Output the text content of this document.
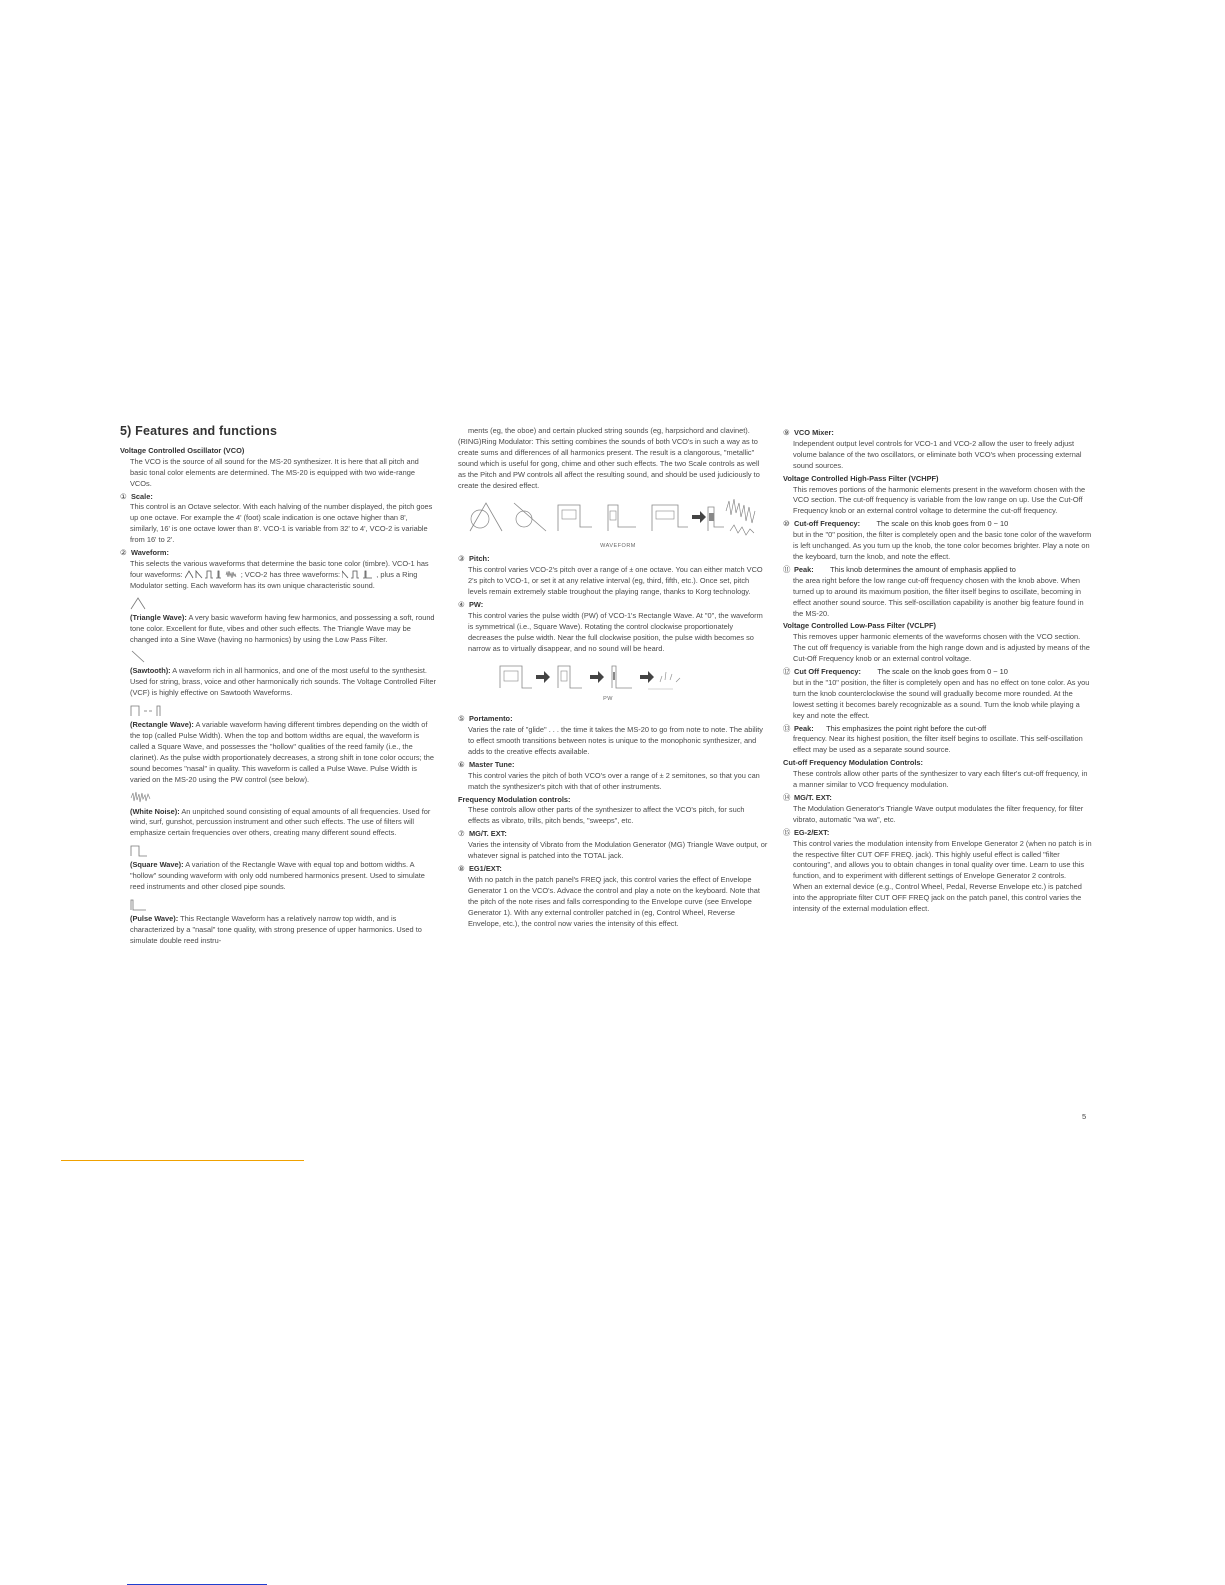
5) Features and functions
Voltage Controlled Oscillator (VCO)

The VCO is the source of all sound for the MS-20 synthesizer. It is here that all pitch and basic tonal color elements are determined. The MS-20 is equipped with two wide-range VCOs.

① Scale:

This control is an Octave selector. With each halving of the number displayed, the pitch goes up one octave. For example the 4' (foot) scale indication is one octave higher than 8', similarly, 16' is one octave lower than 8'. VCO-1 is variable from 32' to 4', VCO-2 is variable from 16' to 2'.

② Waveform:

This selects the various waveforms that determine the basic tone color (timbre). VCO-1 has four waveforms:	; VCO-2 has three waveforms:	, plus a Ring Modulator setting. Each waveform has its own unique characteristic sound.

(Triangle Wave): A very basic waveform having few harmonics, and possessing a soft, round tone color. Excellent for flute, vibes and other such effects. The Triangle Wave may be changed into a Sine Wave (having no harmonics) by using the Low Pass Filter.

(Sawtooth): A waveform rich in all harmonics, and one of the most useful to the synthesist. Used for string, brass, voice and other harmonically rich sounds. The Voltage Controlled Filter (VCF) is highly effective on Sawtooth Waveforms.

(Rectangle Wave): A variable waveform having different timbres depending on the width of the top (called Pulse Width). When the top and bottom widths are equal, the waveform is called a Square Wave, and possesses the "hollow" qualities of the reed family (i.e., the clarinet). As the pulse width proportionately decreases, a strong shift in tone color occurs; the sound becomes "nasal" in quality. This waveform is called a Pulse Wave. Pulse Width is varied on the MS-20 using the PW control (see below).

(White Noise): An unpitched sound consisting of equal amounts of all frequencies. Used for wind, surf, gunshot, percussion instrument and other such effects. The use of filters will emphasize certain frequencies over others, creating many different sound effects.

(Square Wave): A variation of the Rectangle Wave with equal top and bottom widths. A "hollow" sounding waveform with only odd numbered harmonics present. Used to simulate reed instruments and other closed pipe sounds.

(Pulse Wave): This Rectangle Waveform has a relatively narrow top width, and is characterized by a "nasal" tone quality, with strong presence of upper harmonics. Used to simulate double reed instru-

ments (eg, the oboe) and certain plucked string sounds (eg, harpsichord and clavinet).

(RING)Ring Modulator: This setting combines the sounds of both VCO's in such a way as to create sums and differences of all harmonics present. The result is a clangorous, "metallic" sound which is useful for gong, chime and other such effects. The two Scale controls as well as the Pitch and PW controls all affect the resulting sound, and should be used judiciously to create the desired effect.

WAVEFORM
③ Pitch:

This control varies VCO-2's pitch over a range of ± one octave. You can either match VCO 2's pitch to VCO-1, or set it at any relative interval (eg, third, fifth, etc.). Once set, pitch levels remain extremely stable troughout the playing range, thanks to Korg technology.

④ PW:

This control varies the pulse width (PW) of VCO-1's Rectangle Wave. At "0", the waveform is symmetrical (i.e., Square Wave). Rotating the control clockwise proportionately decreases the pulse width. Near the full clockwise position, the pulse width becomes so narrow as to virtually disappear, and no sound will be heard.

PW
⑤ Portamento:

Varies the rate of "glide" . . . the time it takes the MS-20 to go from note to note. The ability to effect smooth transitions between notes is unique to the monophonic synthesizer, and adds to the creative effects available.

⑥ Master Tune:

This control varies the pitch of both VCO's over a range of ± 2 semitones, so that you can match the synthesizer's pitch with that of other instruments.

Frequency Modulation controls:

These controls allow other parts of the synthesizer to affect the VCO's pitch, for such effects as vibrato, trills, pitch bends, "sweeps", etc.

⑦ MG/T. EXT:

Varies the intensity of Vibrato from the Modulation Generator (MG) Triangle Wave output, or whatever signal is patched into the TOTAL jack.

⑧ EG1/EXT:

With no patch in the patch panel's FREQ jack, this control varies the effect of Envelope Generator 1 on the VCO's. Advace the control and play a note on the keyboard. Note that the pitch of the note rises and falls corresponding to the Envelope curve (see Envelope Generator 1). With any external controller patched in (eg, Control Wheel, Reverse Envelope, etc.), the control now varies the intensity of this effect.

⑨ VCO Mixer:

Independent output level controls for VCO-1 and VCO-2 allow the user to freely adjust volume balance of the two oscillators, or eliminate both VCO's when processing external sound sources.

Voltage Controlled High-Pass Filter (VCHPF)

This removes portions of the harmonic elements present in the waveform chosen with the VCO section. The cut-off frequency is variable from the low range on up. Use the Cut-Off Frequency knob or an external control voltage to determine the cut-off frequency.

⑩ Cut-off Frequency: The scale on this knob goes from 0 ~ 10

but in the "0" position, the filter is completely open and the basic tone color of the waveform is left unchanged. As you turn up the knob, the tone color becomes brighter. Play a note on the keyboard, turn the knob, and note the effect.

⑪ Peak: This knob determines the amount of emphasis applied to

the area right before the low range cut-off frequency chosen with the knob above. When turned up to around its maximum position, the filter itself begins to oscillate, becoming in effect another sound source. This self-oscillation capability is another big feature found in the MS-20.

Voltage Controlled Low-Pass Filter (VCLPF)

This removes upper harmonic elements of the waveforms chosen with the VCO section. The cut off frequency is variable from the high range down and is adjusted by means of the Cut-Off Frequency knob or an external control voltage.

⑫ Cut Off Frequency: The scale on the knob goes from 0 ~ 10

but in the "10" position, the filter is completely open and has no effect on tone color. As you turn the knob counterclockwise the sound will gradually become more rounded. At the lowest setting it becomes barely recognizable as a sound. Turn the knob while playing a key and note the effect.

⑬ Peak: This emphasizes the point right before the cut-off

frequency. Near its highest position, the filter itself begins to oscillate. This self-oscillation effect may be used as a separate sound source.

Cut-off Frequency Modulation Controls:

These controls allow other parts of the synthesizer to vary each filter's cut-off frequency, in a manner similar to VCO frequency modulation.

⑭ MG/T. EXT:

The Modulation Generator's Triangle Wave output modulates the filter frequency, for filter vibrato, automatic "wa wa", etc.

⑮ EG-2/EXT:

This control varies the modulation intensity from Envelope Generator 2 (when no patch is in the respective filter CUT OFF FREQ. jack). This highly useful effect is called "filter contouring", and allows you to obtain changes in tonal quality over time. Learn to use this function, and to experiment with different settings of Envelope Generator 2 controls.

When an external device (e.g., Control Wheel, Pedal, Reverse Envelope etc.) is patched into the appropriate filter CUT OFF FREQ jack on the patch panel, this control varies the intensity of the external modulation effect.

5
